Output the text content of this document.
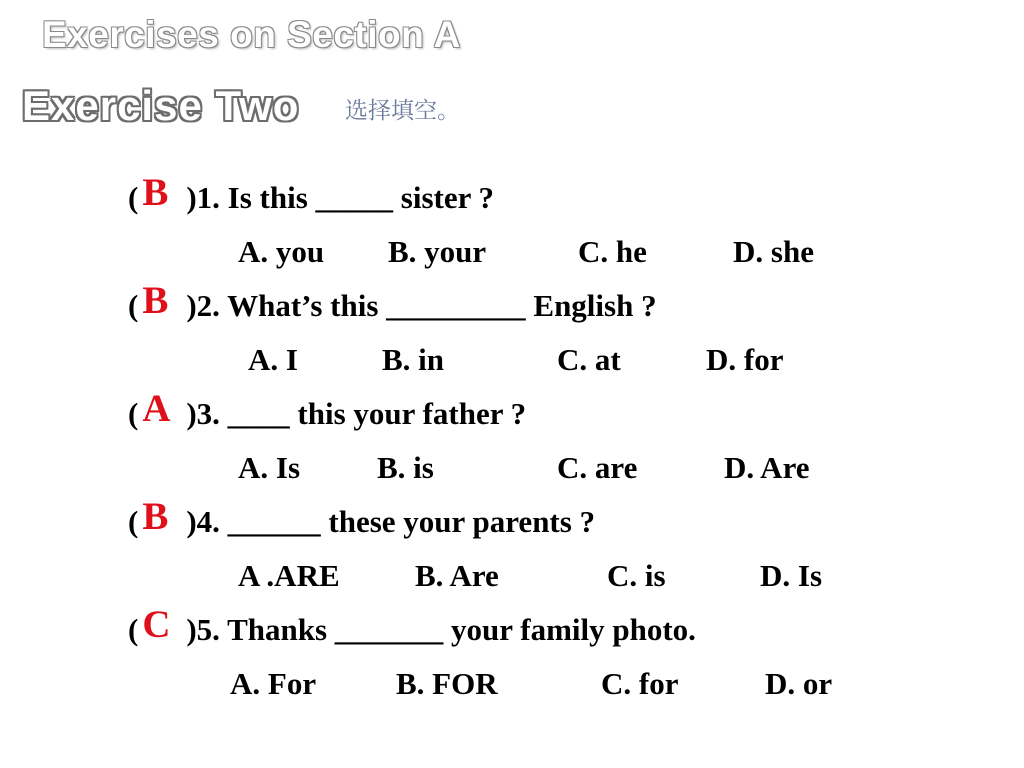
Exercises on Section A
Exercise Two 选择填空。
( B )1. Is this _____ sister ?
A. you B. your	C. he	D. she
( B )2. What’s this _________ English ?
A. I	B. in	C. at	D. for
( A )3. ____ this your father ?
A. Is B. is	C. are	D. Are
( B )4. ______ these your parents ?
A .ARE B. Are	C. is	D. Is
( C )5. Thanks _______ your family photo.
A. For	B. FOR	C. for	D. or
